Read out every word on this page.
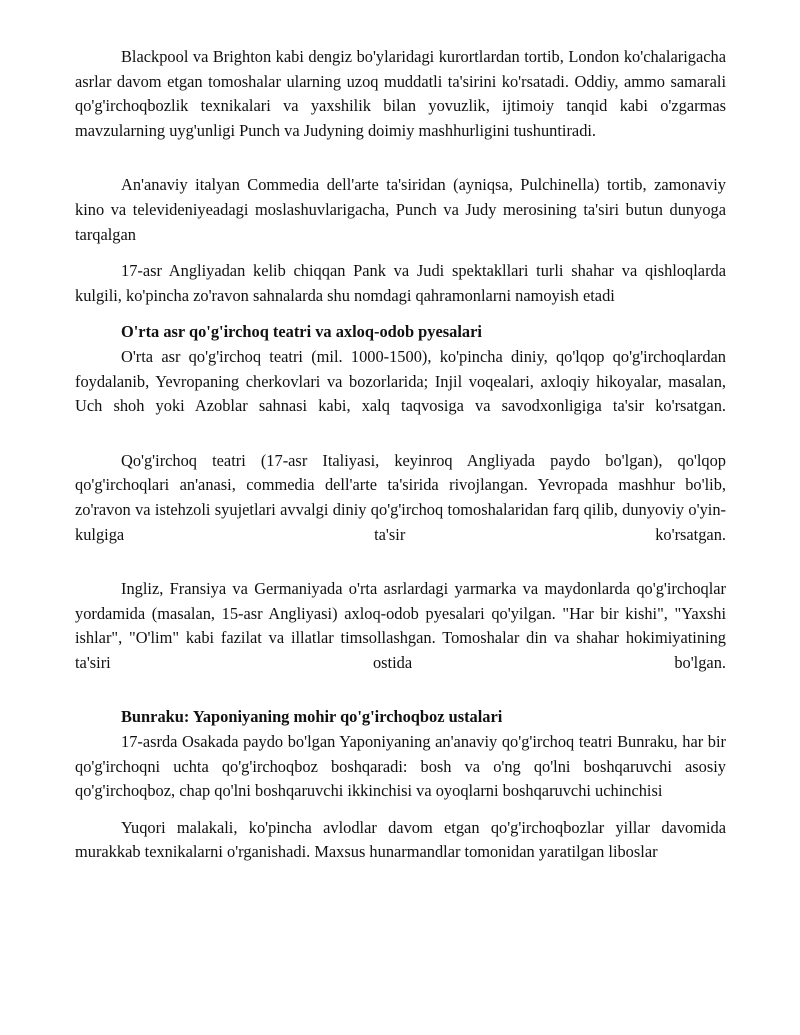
Blackpool va Brighton kabi dengiz bo'ylaridagi kurortlardan tortib, London ko'chalarigacha asrlar davom etgan tomoshalar ularning uzoq muddatli ta'sirini ko'rsatadi. Oddiy, ammo samarali qo'g'irchoqbozlik texnikalari va yaxshilik bilan yovuzlik, ijtimoiy tanqid kabi o'zgarmas mavzularning uyg'unligi Punch va Judyning doimiy mashhurligini tushuntiradi.

An'anaviy italyan Commedia dell'arte ta'siridan (ayniqsa, Pulchinella) tortib, zamonaviy kino va televideniyeadagi moslashuvlarigacha, Punch va Judy merosining ta'siri butun dunyoga tarqalgan

17-asr Angliyadan kelib chiqqan Pank va Judi spektakllari turli shahar va qishloqlarda kulgili, ko'pincha zo'ravon sahnalarda shu nomdagi qahramonlarni namoyish etadi

O'rta asr qo'g'irchoq teatri va axloq-odob pyesalari

O'rta asr qo'g'irchoq teatri (mil. 1000-1500), ko'pincha diniy, qo'lqop qo'g'irchoqlardan foydalanib, Yevropaning cherkovlari va bozorlarida; Injil voqealari, axloqiy hikoyalar, masalan, Uch shoh yoki Azoblar sahnasi kabi, xalq taqvosiga va savodxonligiga ta'sir ko'rsatgan.

Qo'g'irchoq teatri (17-asr Italiyasi, keyinroq Angliyada paydo bo'lgan), qo'lqop qo'g'irchoqlari an'anasi, commedia dell'arte ta'sirida rivojlangan. Yevropada mashhur bo'lib, zo'ravon va istehzoli syujetlari avvalgi diniy qo'g'irchoq tomoshalaridan farq qilib, dunyoviy o'yin-kulgiga ta'sir ko'rsatgan.

Ingliz, Fransiya va Germaniyada o'rta asrlardagi yarmarka va maydonlarda qo'g'irchoqlar yordamida (masalan, 15-asr Angliyasi) axloq-odob pyesalari qo'yilgan. "Har bir kishi", "Yaxshi ishlar", "O'lim" kabi fazilat va illatlar timsollashgan. Tomoshalar din va shahar hokimiyatining ta'siri ostida bo'lgan.

Bunraku: Yaponiyaning mohir qo'g'irchoqboz ustalari

17-asrda Osakada paydo bo'lgan Yaponiyaning an'anaviy qo'g'irchoq teatri Bunraku, har bir qo'g'irchoqni uchta qo'g'irchoqboz boshqaradi: bosh va o'ng qo'lni boshqaruvchi asosiy qo'g'irchoqboz, chap qo'lni boshqaruvchi ikkinchisi va oyoqlarni boshqaruvchi uchinchisi

Yuqori malakali, ko'pincha avlodlar davom etgan qo'g'irchoqbozlar yillar davomida murakkab texnikalarni o'rganishadi. Maxsus hunarmandlar tomonidan yaratilgan liboslar
